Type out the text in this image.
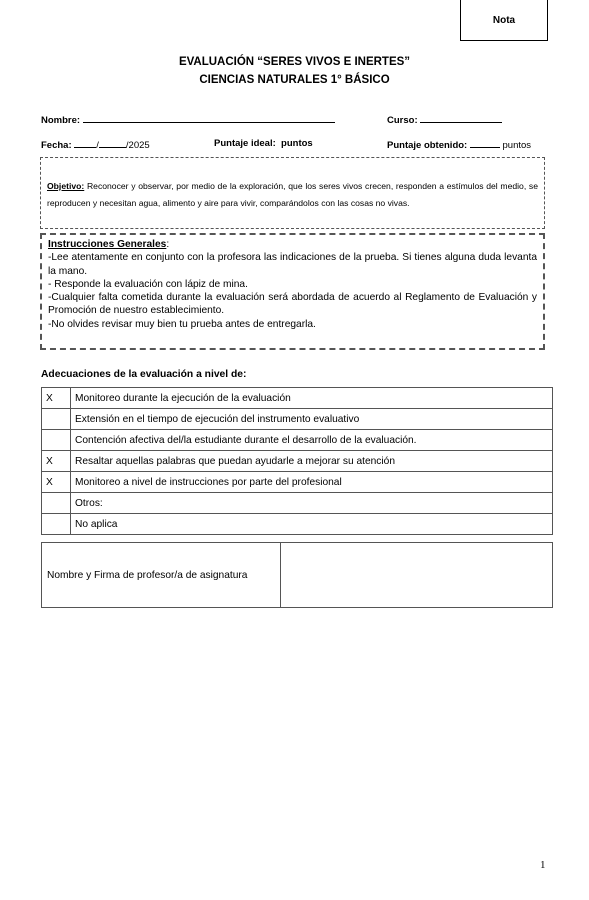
Nota
EVALUACIÓN “SERES VIVOS E INERTES”
CIENCIAS NATURALES 1° BÁSICO
Nombre:	Curso:
Fecha:	/	/2025	Puntaje ideal: puntos	Puntaje obtenido:	puntos
Objetivo: Reconocer y observar, por medio de la exploración, que los seres vivos crecen, responden a estímulos del medio, se reproducen y necesitan agua, alimento y aire para vivir, comparándolos con las cosas no vivas.
Instrucciones Generales:
-Lee atentamente en conjunto con la profesora las indicaciones de la prueba. Si tienes alguna duda levanta la mano.
- Responde la evaluación con lápiz de mina.
-Cualquier falta cometida durante la evaluación será abordada de acuerdo al Reglamento de Evaluación y Promoción de nuestro establecimiento.
-No olvides revisar muy bien tu prueba antes de entregarla.
Adecuaciones de la evaluación a nivel de:
X	Monitoreo durante la ejecución de la evaluación
	Extensión en el tiempo de ejecución del instrumento evaluativo
	Contención afectiva del/la estudiante durante el desarrollo de la evaluación.
X	Resaltar aquellas palabras que puedan ayudarle a mejorar su atención
X	Monitoreo a nivel de instrucciones por parte del profesional
	Otros:
	No aplica
Nombre y Firma de profesor/a de asignatura	
1
